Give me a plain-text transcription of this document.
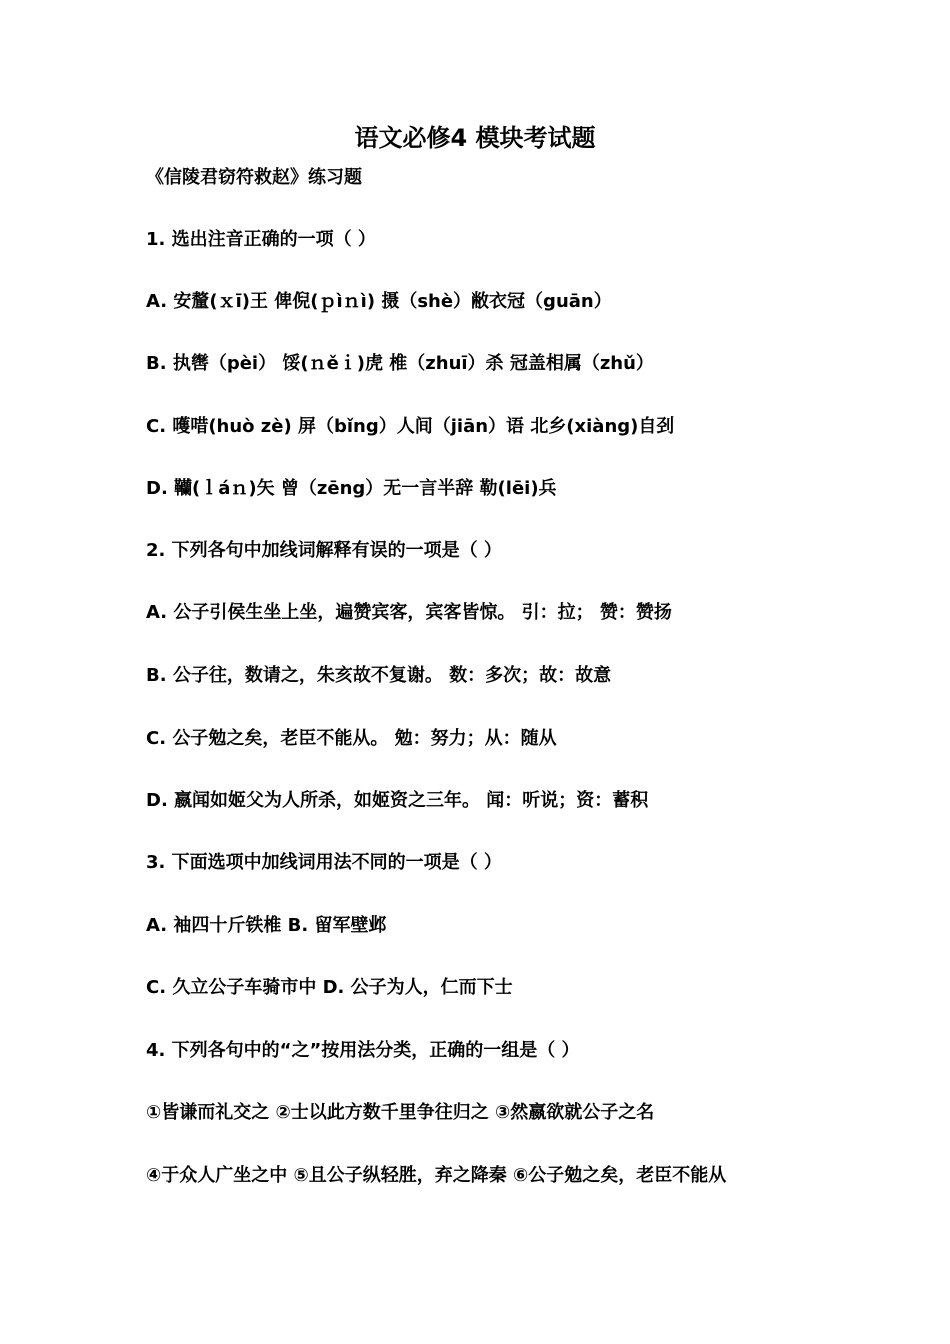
语文必修4 模块考试题
《信陵君窃符救赵》练习题
1. 选出注音正确的一项（ ）
A. 安釐(ｘī)王 俾倪(ｐìｎì) 摄（shè）敝衣冠（guān）
B. 执辔（pèi） 馁(ｎěｉ)虎 椎（zhuī）杀 冠盖相属（zhǔ）
C. 嚄唶(huò zè) 屏（bǐng）人间（jiān）语 北乡(xiàng)自刭
D. 韊(ｌáｎ)矢 曾（zēng）无一言半辞 勒(lēi)兵
2. 下列各句中加线词解释有误的一项是（ ）
A. 公子引侯生坐上坐，遍赞宾客，宾客皆惊。 引：拉； 赞：赞扬
B. 公子往，数请之，朱亥故不复谢。 数：多次；故：故意
C. 公子勉之矣，老臣不能从。 勉：努力；从：随从
D. 嬴闻如姬父为人所杀，如姬资之三年。 闻：听说；资：蓄积
3. 下面选项中加线词用法不同的一项是（ ）
A. 袖四十斤铁椎 B. 留军壁邺
C. 久立公子车骑市中 D. 公子为人，仁而下士
4. 下列各句中的“之”按用法分类，正确的一组是（ ）
①皆谦而礼交之 ②士以此方数千里争往归之 ③然嬴欲就公子之名
④于众人广坐之中 ⑤且公子纵轻胜，弃之降秦 ⑥公子勉之矣，老臣不能从
